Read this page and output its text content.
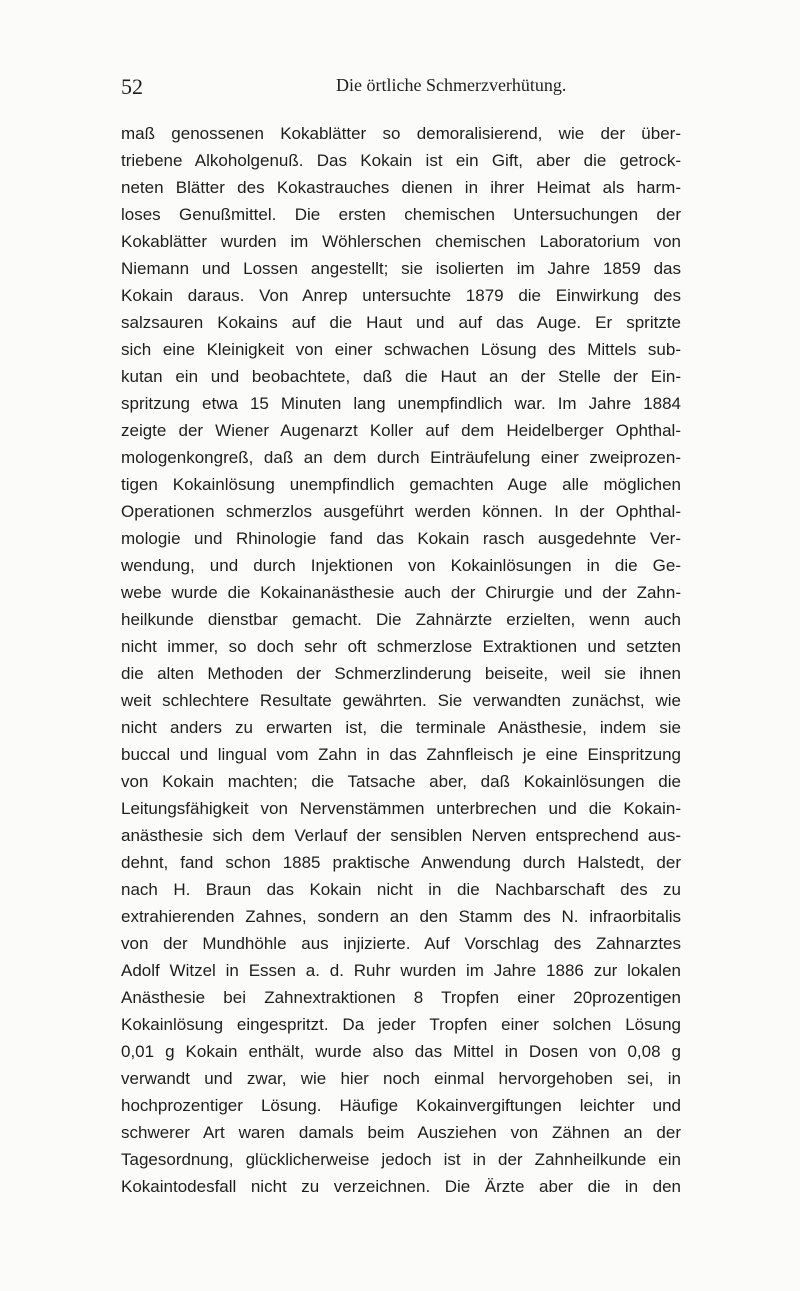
52	Die örtliche Schmerzverhütung.
maß genossenen Kokablätter so demoralisierend, wie der über-
triebene Alkoholgenuß. Das Kokain ist ein Gift, aber die getrock-
neten Blätter des Kokastrauches dienen in ihrer Heimat als harm-
loses Genußmittel. Die ersten chemischen Untersuchungen der
Kokablätter wurden im Wöhlerschen chemischen Laboratorium von
Niemann und Lossen angestellt; sie isolierten im Jahre 1859 das
Kokain daraus. Von Anrep untersuchte 1879 die Einwirkung des
salzsauren Kokains auf die Haut und auf das Auge. Er spritzte
sich eine Kleinigkeit von einer schwachen Lösung des Mittels sub-
kutan ein und beobachtete, daß die Haut an der Stelle der Ein-
spritzung etwa 15 Minuten lang unempfindlich war. Im Jahre 1884
zeigte der Wiener Augenarzt Koller auf dem Heidelberger Ophthal-
mologenkongreß, daß an dem durch Einträufelung einer zweiprozen-
tigen Kokainlösung unempfindlich gemachten Auge alle möglichen
Operationen schmerzlos ausgeführt werden können. In der Ophthal-
mologie und Rhinologie fand das Kokain rasch ausgedehnte Ver-
wendung, und durch Injektionen von Kokainlösungen in die Ge-
webe wurde die Kokainanästhesie auch der Chirurgie und der Zahn-
heilkunde dienstbar gemacht. Die Zahnärzte erzielten, wenn auch
nicht immer, so doch sehr oft schmerzlose Extraktionen und setzten
die alten Methoden der Schmerzlinderung beiseite, weil sie ihnen
weit schlechtere Resultate gewährten. Sie verwandten zunächst, wie
nicht anders zu erwarten ist, die terminale Anästhesie, indem sie
buccal und lingual vom Zahn in das Zahnfleisch je eine Einspritzung
von Kokain machten; die Tatsache aber, daß Kokainlösungen die
Leitungsfähigkeit von Nervenstämmen unterbrechen und die Kokain-
anästhesie sich dem Verlauf der sensiblen Nerven entsprechend aus-
dehnt, fand schon 1885 praktische Anwendung durch Halstedt, der
nach H. Braun das Kokain nicht in die Nachbarschaft des zu
extrahierenden Zahnes, sondern an den Stamm des N. infraorbitalis
von der Mundhöhle aus injizierte. Auf Vorschlag des Zahnarztes
Adolf Witzel in Essen a. d. Ruhr wurden im Jahre 1886 zur lokalen
Anästhesie bei Zahnextraktionen 8 Tropfen einer 20prozentigen
Kokainlösung eingespritzt. Da jeder Tropfen einer solchen Lösung
0,01 g Kokain enthält, wurde also das Mittel in Dosen von 0,08 g
verwandt und zwar, wie hier noch einmal hervorgehoben sei, in
hochprozentiger Lösung. Häufige Kokainvergiftungen leichter und
schwerer Art waren damals beim Ausziehen von Zähnen an der
Tagesordnung, glücklicherweise jedoch ist in der Zahnheilkunde ein
Kokaintodesfall nicht zu verzeichnen. Die Ärzte aber die in den
